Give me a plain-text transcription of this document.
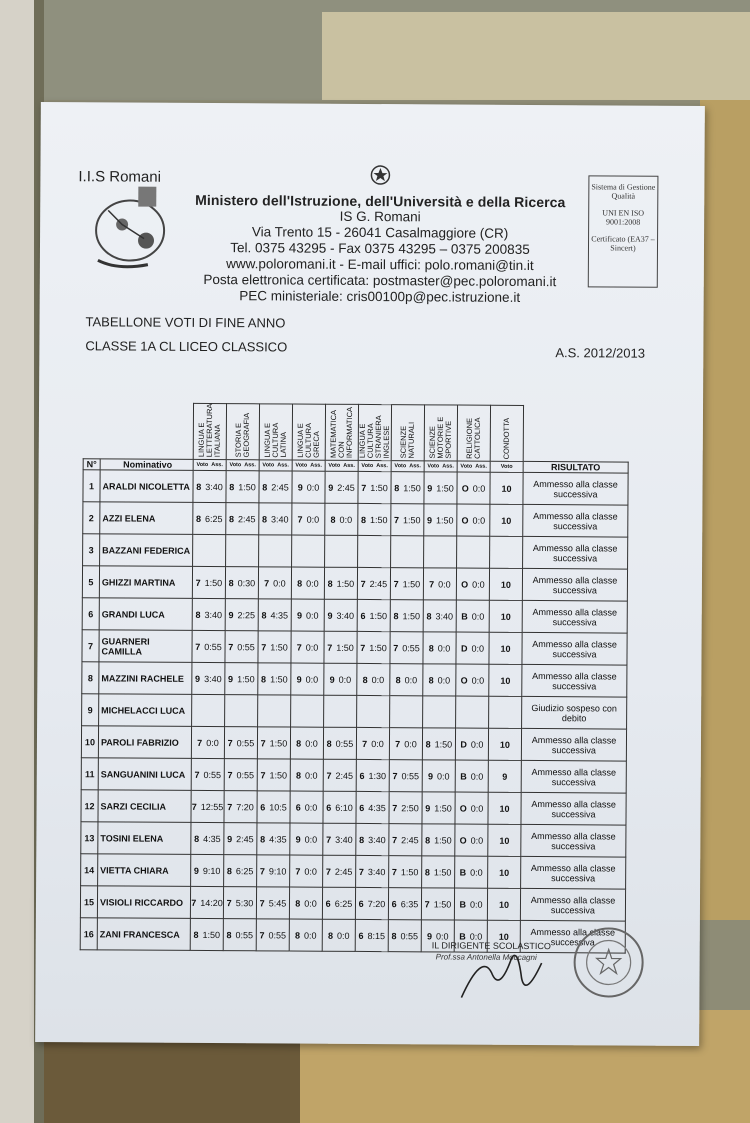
I.I.S Romani
Ministero dell'Istruzione, dell'Università e della Ricerca
IS G. Romani
Via Trento 15 - 26041 Casalmaggiore (CR)
Tel. 0375 43295 - Fax 0375 43295 – 0375 200835
www.poloromani.it - E-mail uffici: polo.romani@tin.it
Posta elettronica certificata: postmaster@pec.poloromani.it
PEC ministeriale: cris00100p@pec.istruzione.it
Sistema di Gestione Qualità
UNI EN ISO 9001:2008
Certificato (EA37 – Sincert)
TABELLONE VOTI DI FINE ANNO
CLASSE 1A CL LICEO CLASSICO	A.S. 2012/2013
		LINGUA E LETTERATURA ITALIANA	STORIA E GEOGRAFIA	LINGUA E CULTURA LATINA	LINGUA E CULTURA GRECA	MATEMATICA CON INFORMATICA	LINGUA E CULTURA STRANIERA INGLESE	SCIENZE NATURALI	SCIENZE MOTORIE E SPORTIVE	RELIGIONE CATTOLICA	CONDOTTA	
N°	Nominativo	Voto Ass.	Voto Ass.	Voto Ass.	Voto Ass.	Voto Ass.	Voto Ass.	Voto Ass.	Voto Ass.	Voto Ass.	Voto	RISULTATO
1	ARALDI NICOLETTA	8 3:40	8 1:50	8 2:45	9 0:0	9 2:45	7 1:50	8 1:50	9 1:50	O 0:0	10	Ammesso alla classe successiva
2	AZZI ELENA	8 6:25	8 2:45	8 3:40	7 0:0	8 0:0	8 1:50	7 1:50	9 1:50	O 0:0	10	Ammesso alla classe successiva
3	BAZZANI FEDERICA											Ammesso alla classe successiva
5	GHIZZI MARTINA	7 1:50	8 0:30	7 0:0	8 0:0	8 1:50	7 2:45	7 1:50	7 0:0	O 0:0	10	Ammesso alla classe successiva
6	GRANDI LUCA	8 3:40	9 2:25	8 4:35	9 0:0	9 3:40	6 1:50	8 1:50	8 3:40	B 0:0	10	Ammesso alla classe successiva
7	GUARNERI CAMILLA	7 0:55	7 0:55	7 1:50	7 0:0	7 1:50	7 1:50	7 0:55	8 0:0	D 0:0	10	Ammesso alla classe successiva
8	MAZZINI RACHELE	9 3:40	9 1:50	8 1:50	9 0:0	9 0:0	8 0:0	8 0:0	8 0:0	O 0:0	10	Ammesso alla classe successiva
9	MICHELACCI LUCA											Giudizio sospeso con debito
10	PAROLI FABRIZIO	7 0:0	7 0:55	7 1:50	8 0:0	8 0:55	7 0:0	7 0:0	8 1:50	D 0:0	10	Ammesso alla classe successiva
11	SANGUANINI LUCA	7 0:55	7 0:55	7 1:50	8 0:0	7 2:45	6 1:30	7 0:55	9 0:0	B 0:0	9	Ammesso alla classe successiva
12	SARZI CECILIA	7 12:55	7 7:20	6 10:5	6 0:0	6 6:10	6 4:35	7 2:50	9 1:50	O 0:0	10	Ammesso alla classe successiva
13	TOSINI ELENA	8 4:35	9 2:45	8 4:35	9 0:0	7 3:40	8 3:40	7 2:45	8 1:50	O 0:0	10	Ammesso alla classe successiva
14	VIETTA CHIARA	9 9:10	8 6:25	7 9:10	7 0:0	7 2:45	7 3:40	7 1:50	8 1:50	B 0:0	10	Ammesso alla classe successiva
15	VISIOLI RICCARDO	7 14:20	7 5:30	7 5:45	8 0:0	6 6:25	6 7:20	6 6:35	7 1:50	B 0:0	10	Ammesso alla classe successiva
16	ZANI FRANCESCA	8 1:50	8 0:55	7 0:55	8 0:0	8 0:0	6 8:15	8 0:55	9 0:0	B 0:0	10	Ammesso alla classe successiva
IL DIRIGENTE SCOLASTICO
Prof.ssa Antonella Moccagni
